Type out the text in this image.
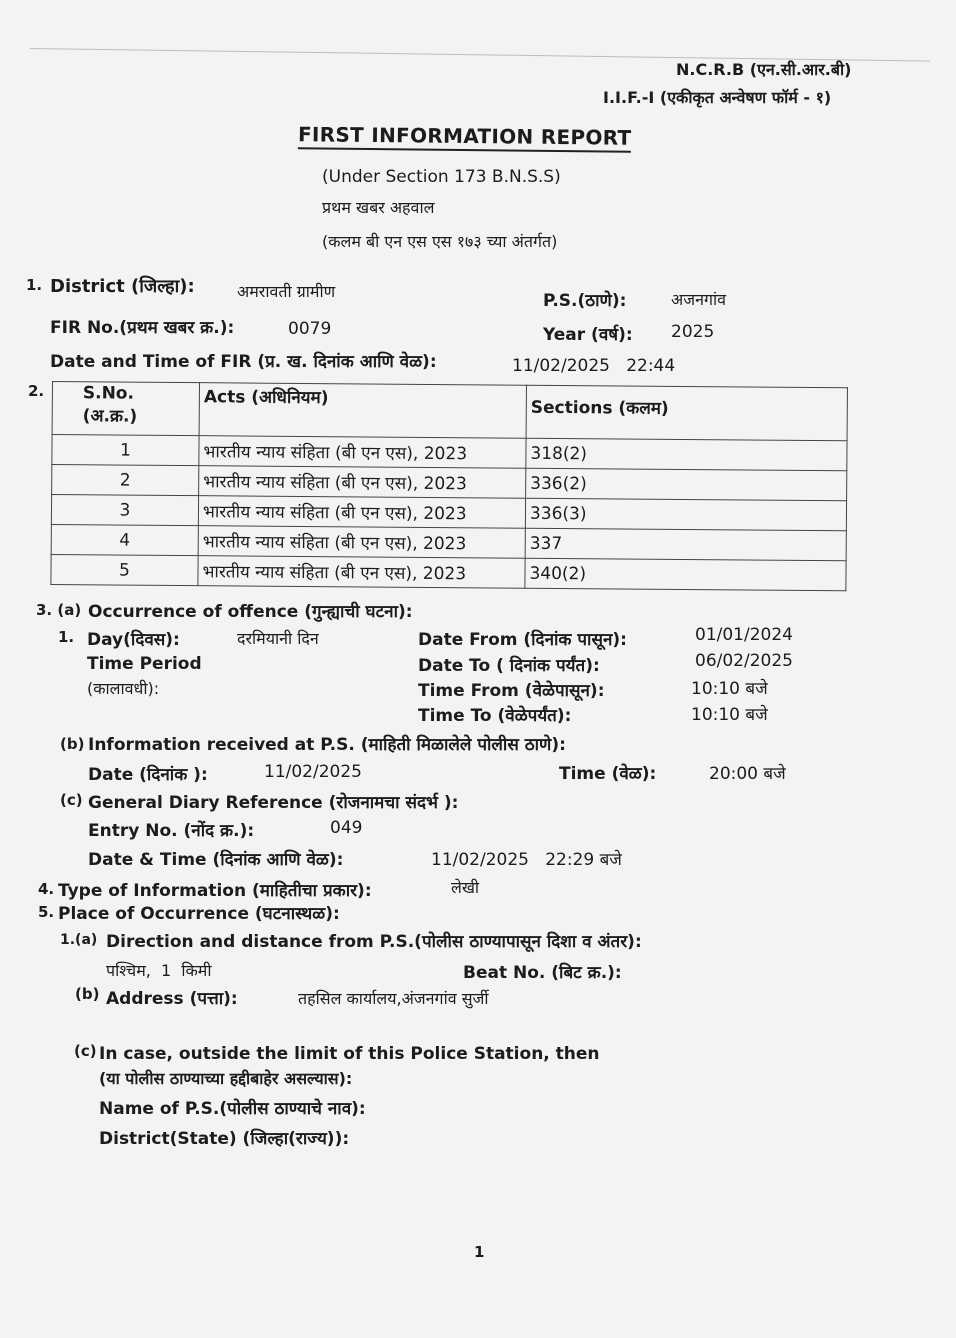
N.C.R.B (एन.सी.आर.बी)
I.I.F.-I (एकीकृत अन्वेषण फॉर्म - १)
FIRST INFORMATION REPORT
(Under Section 173 B.N.S.S)
प्रथम खबर अहवाल
(कलम बी एन एस एस १७३ च्या अंतर्गत)
1. District (जिल्हा):	अमरावती ग्रामीण	P.S.(ठाणे):	अजनगांव
FIR No.(प्रथम खबर क्र.):	0079	Year (वर्ष): 2025
Date and Time of FIR (प्र. ख. दिनांक आणि वेळ):	11/02/2025   22:44
2. S.No.
(अ.क्र.)	Acts (अधिनियम)	Sections (कलम)

1	भारतीय न्याय संहिता (बी एन एस), 2023	318(2)
2	भारतीय न्याय संहिता (बी एन एस), 2023	336(2)
3	भारतीय न्याय संहिता (बी एन एस), 2023	336(3)
4	भारतीय न्याय संहिता (बी एन एस), 2023	337
5	भारतीय न्याय संहिता (बी एन एस), 2023	340(2)
3. (a) Occurrence of offence (गुन्ह्याची घटना):
1. Day(दिवस):	दरमियानी दिन
Time Period
(कालावधी):
Date From (दिनांक पासून):	01/01/2024
Date To ( दिनांक पर्यंत):	06/02/2025
Time From (वेळेपासून):	10:10 बजे
Time To (वेळेपर्यंत):	10:10 बजे
(b) Information received at P.S. (माहिती मिळालेले पोलीस ठाणे):
Date (दिनांक ):	11/02/2025	Time (वेळ):	20:00 बजे
(c) General Diary Reference (रोजनामचा संदर्भ ):
Entry No. (नोंद क्र.):	049
Date & Time (दिनांक आणि वेळ):	11/02/2025   22:29 बजे
4. Type of Information (माहितीचा प्रकार):	लेखी
5. Place of Occurrence (घटनास्थळ):
1.(a) Direction and distance from P.S.(पोलीस ठाण्यापासून दिशा व अंतर):
पश्चिम,  1  किमी	Beat No. (बिट क्र.):
(b) Address (पत्ता):	तहसिल कार्यालय,अंजनगांव सुर्जी
(c) In case, outside the limit of this Police Station, then
(या पोलीस ठाण्याच्या हद्दीबाहेर असल्यास):
Name of P.S.(पोलीस ठाण्याचे नाव):
District(State) (जिल्हा(राज्य)):
1
